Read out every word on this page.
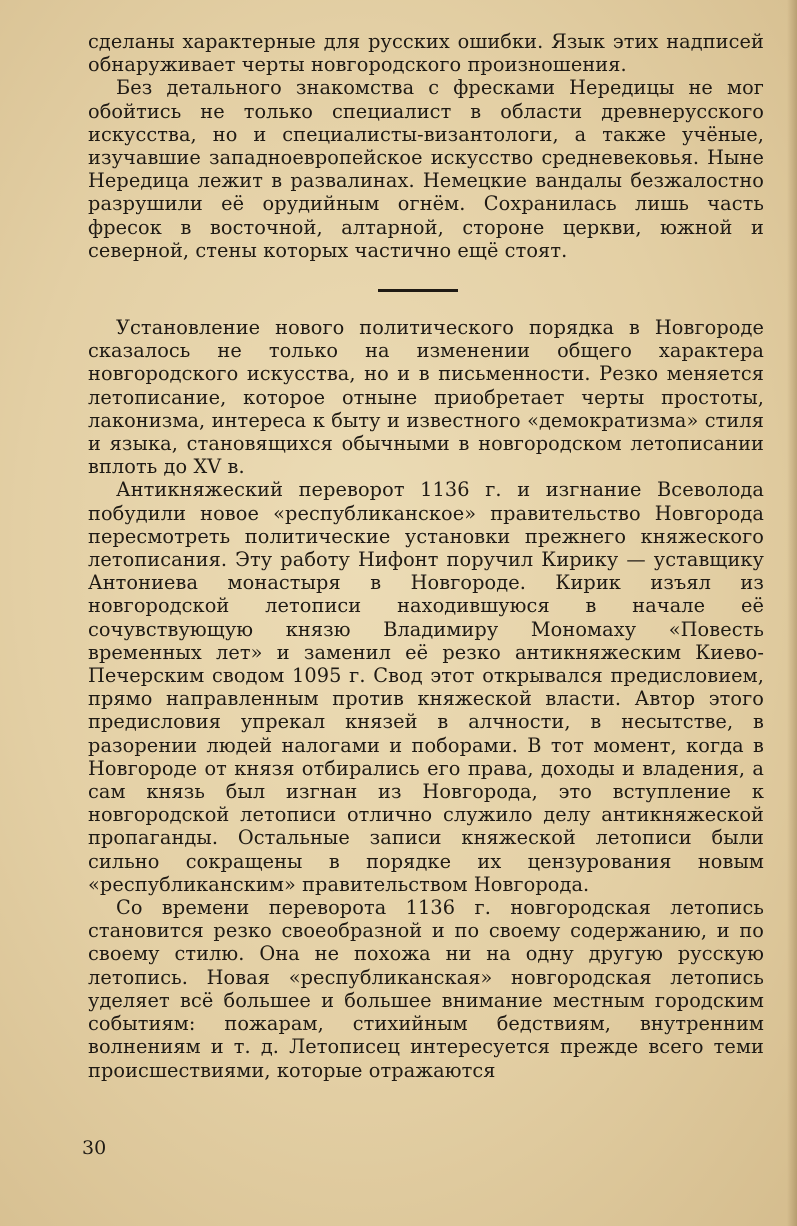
сделаны характерные для русских ошибки. Язык этих надписей обнаруживает черты новгородского произношения.

Без детального знакомства с фресками Нередицы не мог обойтись не только специалист в области древнерусского искусства, но и специалисты-византологи, а также учёные, изучавшие западноевропейское искусство средневековья. Ныне Нередица лежит в развалинах. Немецкие вандалы безжалостно разрушили её орудийным огнём. Сохранилась лишь часть фресок в восточной, алтарной, стороне церкви, южной и северной, стены которых частично ещё стоят.

Установление нового политического порядка в Новгороде сказалось не только на изменении общего характера новгородского искусства, но и в письменности. Резко меняется летописание, которое отныне приобретает черты простоты, лаконизма, интереса к быту и известного «демократизма» стиля и языка, становящихся обычными в новгородском летописании вплоть до XV в.

Антикняжеский переворот 1136 г. и изгнание Всеволода побудили новое «республиканское» правительство Новгорода пересмотреть политические установки прежнего княжеского летописания. Эту работу Нифонт поручил Кирику — уставщику Антониева монастыря в Новгороде. Кирик изъял из новгородской летописи находившуюся в начале её сочувствующую князю Владимиру Мономаху «Повесть временных лет» и заменил её резко антикняжеским Киево-Печерским сводом 1095 г. Свод этот открывался предисловием, прямо направленным против княжеской власти. Автор этого предисловия упрекал князей в алчности, в несытстве, в разорении людей налогами и поборами. В тот момент, когда в Новгороде от князя отбирались его права, доходы и владения, а сам князь был изгнан из Новгорода, это вступление к новгородской летописи отлично служило делу антикняжеской пропаганды. Остальные записи княжеской летописи были сильно сокращены в порядке их цензурования новым «республиканским» правительством Новгорода.

Со времени переворота 1136 г. новгородская летопись становится резко своеобразной и по своему содержанию, и по своему стилю. Она не похожа ни на одну другую русскую летопись. Новая «республиканская» новгородская летопись уделяет всё большее и большее внимание местным городским событиям: пожарам, стихийным бедствиям, внутренним волнениям и т. д. Летописец интересуется прежде всего теми происшествиями, которые отражаются

30
